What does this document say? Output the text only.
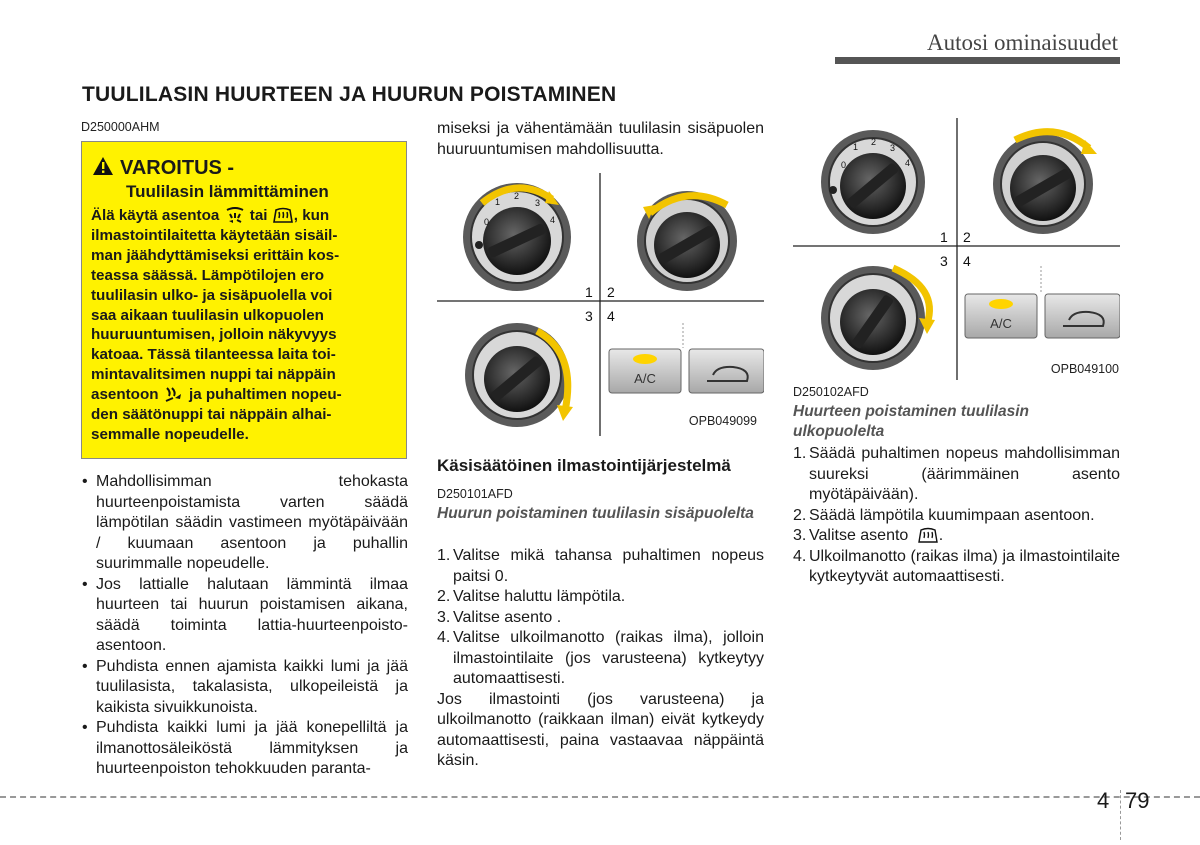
Autosi ominaisuudet
TUULILASIN HUURTEEN JA HUURUN POISTAMINEN
D250000AHM
VAROITUS -
Tuulilasin lämmittäminen
Älä käytä asentoa tai , kun
ilmastointilaitetta käytetään sisäil-
man jäähdyttämiseksi erittäin kos-
teassa säässä. Lämpötilojen ero
tuulilasin ulko- ja sisäpuolella voi
saa aikaan tuulilasin ulkopuolen
huuruuntumisen, jolloin näkyvyys
katoaa. Tässä tilanteessa laita toi-
mintavalitsimen nuppi tai näppäin
asentoon ja puhaltimen nopeu-
den säätönuppi tai näppäin alhai-
semmalle nopeudelle.
• Mahdollisimman tehokasta huurteenpoistamista varten säädä lämpötilan säädin vastimeen myötäpäivään / kuumaan asentoon ja puhallin suurimmalle nopeudelle.
• Jos lattialle halutaan lämmintä ilmaa huurteen tai huurun poistamisen aikana, säädä toiminta lattia-huurteenpoisto-asentoon.
• Puhdista ennen ajamista kaikki lumi ja jää tuulilasista, takalasista, ulkopeileistä ja kaikista sivuikkunoista.
• Puhdista kaikki lumi ja jää konepelliltä ja ilmanottosäleiköstä lämmityksen ja huurteenpoiston tehokkuuden paranta-
miseksi ja vähentämään tuulilasin sisäpuolen huuruuntumisen mahdollisuutta.
0
1
2
3
4
1 2
3 4
A/C
OPB049099
Käsisäätöinen ilmastointijärjestelmä
D250101AFD
Huurun poistaminen tuulilasin sisäpuolelta
1. Valitse mikä tahansa puhaltimen nopeus paitsi 0.
2. Valitse haluttu lämpötila.
3. Valitse asento .
4. Valitse ulkoilmanotto (raikas ilma), jolloin ilmastointilaite (jos varusteena) kytkeytyy automaattisesti.
Jos ilmastointi (jos varusteena) ja ulkoilmanotto (raikkaan ilman) eivät kytkeydy automaattisesti, paina vastaavaa näppäintä käsin.
0
1 2
3
4
1 2
3 4
A/C
OPB049100
D250102AFD
Huurteen poistaminen tuulilasin ulkopuolelta
1. Säädä puhaltimen nopeus mahdollisimman suureksi (äärimmäinen asento myötäpäivään).
2. Säädä lämpötila kuumimpaan asentoon.
3. Valitse asento .
4. Ulkoilmanotto (raikas ilma) ja ilmastointilaite kytkeytyvät automaattisesti.
4 79
